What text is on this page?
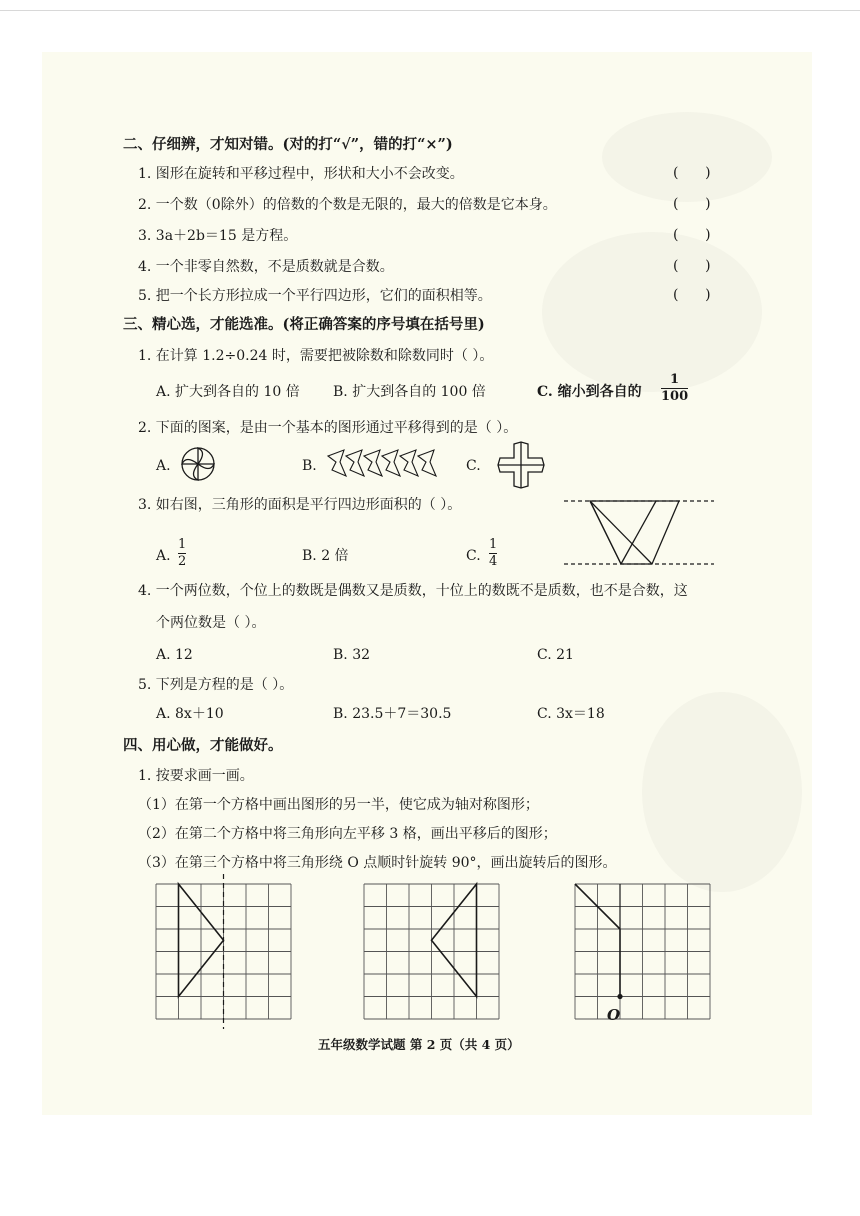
二、仔细辨，才知对错。(对的打“√”，错的打“×”)
1. 图形在旋转和平移过程中，形状和大小不会改变。	(      )
2. 一个数（0除外）的倍数的个数是无限的，最大的倍数是它本身。	(      )
3. 3a＋2b＝15 是方程。	(      )
4. 一个非零自然数，不是质数就是合数。	(      )
5. 把一个长方形拉成一个平行四边形，它们的面积相等。	(      )
三、精心选，才能选准。(将正确答案的序号填在括号里)
1. 在计算 1.2÷0.24 时，需要把被除数和除数同时（ ）。
A. 扩大到各自的 10 倍 B. 扩大到各自的 100 倍	C. 缩小到各自的
1
100
2. 下面的图案，是由一个基本的图形通过平移得到的是（ ）。
A.	B.	C.
3. 如右图，三角形的面积是平行四边形面积的（ ）。
A.
1
2	B. 2 倍	C.
1
4
4. 一个两位数，个位上的数既是偶数又是质数，十位上的数既不是质数，也不是合数，这
个两位数是（ ）。
A. 12	B. 32	C. 21
5. 下列是方程的是（ ）。
A. 8x＋10	B. 23.5＋7＝30.5	C. 3x＝18
四、用心做，才能做好。
1. 按要求画一画。
（1）在第一个方格中画出图形的另一半，使它成为轴对称图形；
（2）在第二个方格中将三角形向左平移 3 格，画出平移后的图形；
（3）在第三个方格中将三角形绕 O 点顺时针旋转 90°，画出旋转后的图形。
O
五年级数学试题 第 2 页（共 4 页）
